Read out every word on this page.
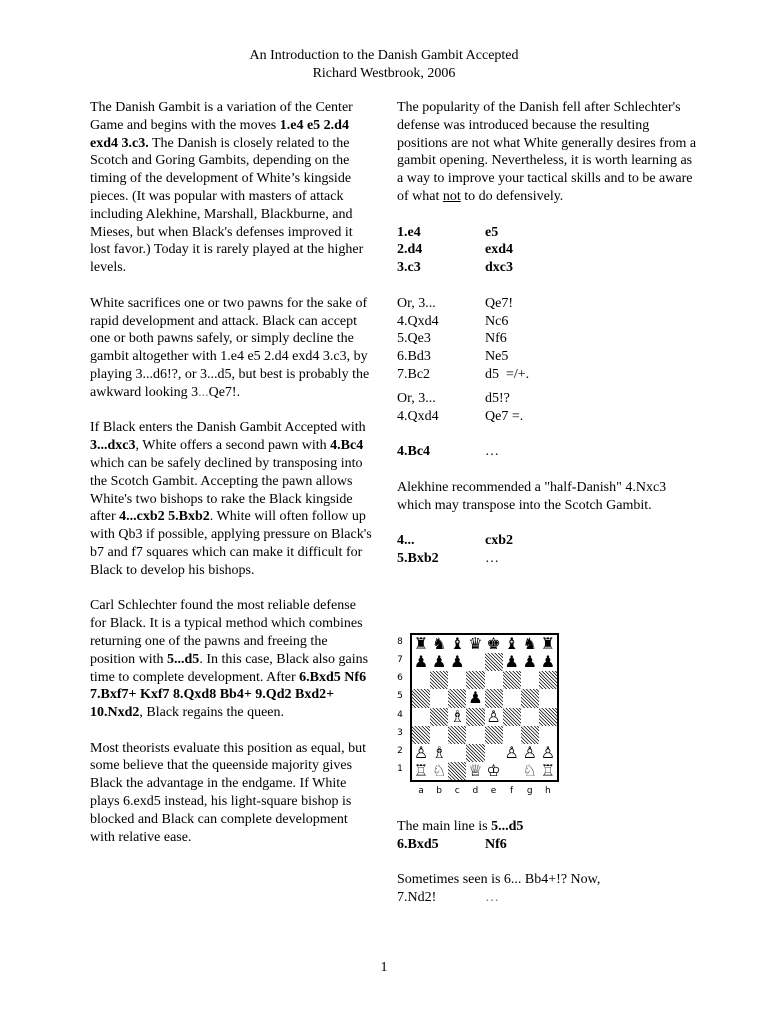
An Introduction to the Danish Gambit Accepted
Richard Westbrook, 2006

The Danish Gambit is a variation of the Center Game and begins with the moves 1.e4 e5 2.d4 exd4 3.c3. The Danish is closely related to the Scotch and Goring Gambits, depending on the timing of the development of White’s kingside pieces. (It was popular with masters of attack including Alekhine, Marshall, Blackburne, and Mieses, but when Black's defenses improved it lost favor.) Today it is rarely played at the higher levels.

White sacrifices one or two pawns for the sake of rapid development and attack. Black can accept one or both pawns safely, or simply decline the gambit altogether with 1.e4 e5 2.d4 exd4 3.c3, by playing 3...d6!?, or 3...d5, but best is probably the awkward looking 3...Qe7!.

If Black enters the Danish Gambit Accepted with 3...dxc3, White offers a second pawn with 4.Bc4 which can be safely declined by transposing into the Scotch Gambit. Accepting the pawn allows White's two bishops to rake the Black kingside after 4...cxb2 5.Bxb2. White will often follow up with Qb3 if possible, applying pressure on Black's b7 and f7 squares which can make it difficult for Black to develop his bishops.

Carl Schlechter found the most reliable defense for Black. It is a typical method which combines returning one of the pawns and freeing the position with 5...d5. In this case, Black also gains time to complete development. After 6.Bxd5 Nf6 7.Bxf7+ Kxf7 8.Qxd8 Bb4+ 9.Qd2 Bxd2+ 10.Nxd2, Black regains the queen.

Most theorists evaluate this position as equal, but some believe that the queenside majority gives Black the advantage in the endgame. If White plays 6.exd5 instead, his light-square bishop is blocked and Black can complete development with relative ease.

The popularity of the Danish fell after Schlechter's defense was introduced because the resulting positions are not what White generally desires from a gambit opening. Nevertheless, it is worth learning as a way to improve your tactical skills and to be aware of what not to do defensively.

1.e4	e5
2.d4	exd4
3.c3	dxc3
Or, 3...	Qe7!
4.Qxd4	Nc6
5.Qe3	Nf6
6.Bd3	Ne5
7.Bc2	d5  =/+.
Or, 3...	d5!?
4.Qxd4	Qe7 =.
4.Bc4	…

Alekhine recommended a "half-Danish" 4.Nxc3 which may transpose into the Scotch Gambit.

4...	cxb2
5.Bxb2	…
♜ ♞ ♝ ♛ ♚ ♝ ♞ ♜
♟ ♟ ♟	♟ ♟ ♟
♟
♗ ♙
♙ ♗	♙ ♙ ♙
♖ ♘ ♕ ♔ ♘ ♖
8
7
6
5
4
3
2
1
a	b	c	d	e	f	g	h
The main line is 5...d5
6.Bxd5	Nf6
Sometimes seen is 6... Bb4+!? Now,
7.Nd2!	…
1
